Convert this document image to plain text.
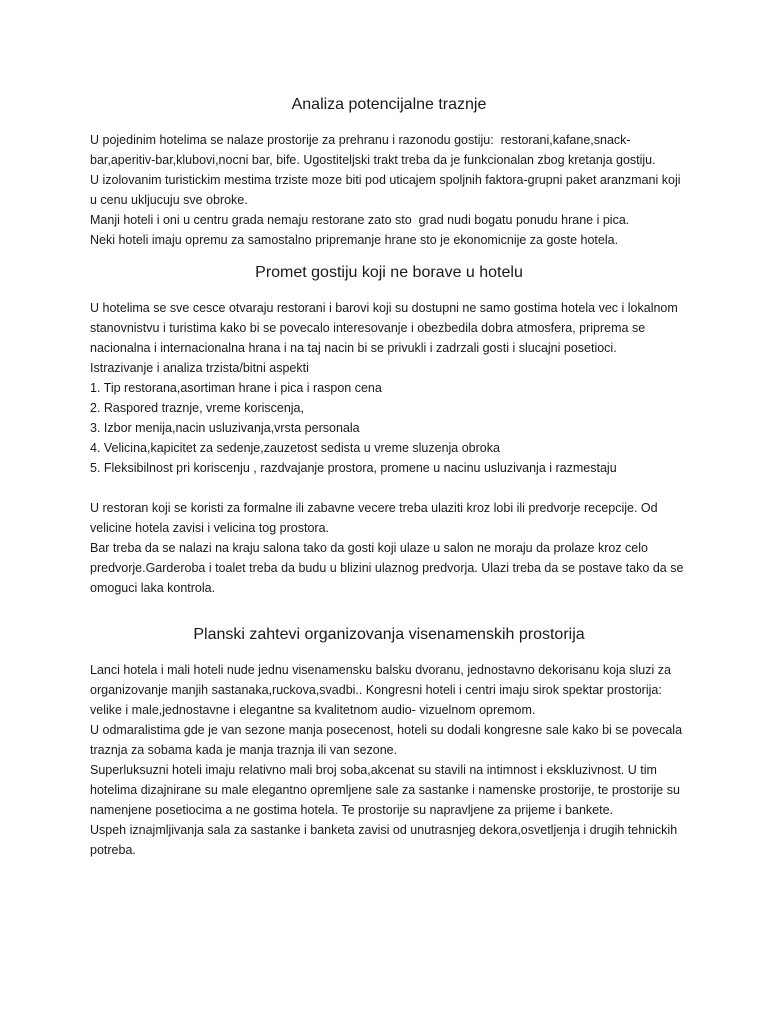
Analiza potencijalne traznje

U pojedinim hotelima se nalaze prostorije za prehranu i razonodu gostiju:  restorani,kafane,snack-bar,aperitiv-bar,klubovi,nocni bar, bife. Ugostiteljski trakt treba da je funkcionalan zbog kretanja gostiju.

U izolovanim turistickim mestima trziste moze biti pod uticajem spoljnih faktora-grupni paket aranzmani koji u cenu ukljucuju sve obroke.

Manji hoteli i oni u centru grada nemaju restorane zato sto  grad nudi bogatu ponudu hrane i pica.

Neki hoteli imaju opremu za samostalno pripremanje hrane sto je ekonomicnije za goste hotela.

Promet gostiju koji ne borave u hotelu

U hotelima se sve cesce otvaraju restorani i barovi koji su dostupni ne samo gostima hotela vec i lokalnom stanovnistvu i turistima kako bi se povecalo interesovanje i obezbedila dobra atmosfera, priprema se nacionalna i internacionalna hrana i na taj nacin bi se privukli i zadrzali gosti i slucajni posetioci.

Istrazivanje i analiza trzista/bitni aspekti

1. Tip restorana,asortiman hrane i pica i raspon cena
2. Raspored traznje, vreme koriscenja,
3. Izbor menija,nacin usluzivanja,vrsta personala
4. Velicina,kapicitet za sedenje,zauzetost sedista u vreme sluzenja obroka
5. Fleksibilnost pri koriscenju , razdvajanje prostora, promene u nacinu usluzivanja i razmestaju

U restoran koji se koristi za formalne ili zabavne vecere treba ulaziti kroz lobi ili predvorje recepcije. Od velicine hotela zavisi i velicina tog prostora.

Bar treba da se nalazi na kraju salona tako da gosti koji ulaze u salon ne moraju da prolaze kroz celo predvorje.Garderoba i toalet treba da budu u blizini ulaznog predvorja. Ulazi treba da se postave tako da se omoguci laka kontrola.

Planski zahtevi organizovanja visenamenskih prostorija

Lanci hotela i mali hoteli nude jednu visenamensku balsku dvoranu, jednostavno dekorisanu koja sluzi za organizovanje manjih sastanaka,ruckova,svadbi.. Kongresni hoteli i centri imaju sirok spektar prostorija: velike i male,jednostavne i elegantne sa kvalitetnom audio- vizuelnom opremom.

U odmaralistima gde je van sezone manja posecenost, hoteli su dodali kongresne sale kako bi se povecala traznja za sobama kada je manja traznja ili van sezone.

Superluksuzni hoteli imaju relativno mali broj soba,akcenat su stavili na intimnost i ekskluzivnost. U tim hotelima dizajnirane su male elegantno opremljene sale za sastanke i namenske prostorije, te prostorije su namenjene posetiocima a ne gostima hotela. Te prostorije su napravljene za prijeme i bankete.

Uspeh iznajmljivanja sala za sastanke i banketa zavisi od unutrasnjeg dekora,osvetljenja i drugih tehnickih potreba.
